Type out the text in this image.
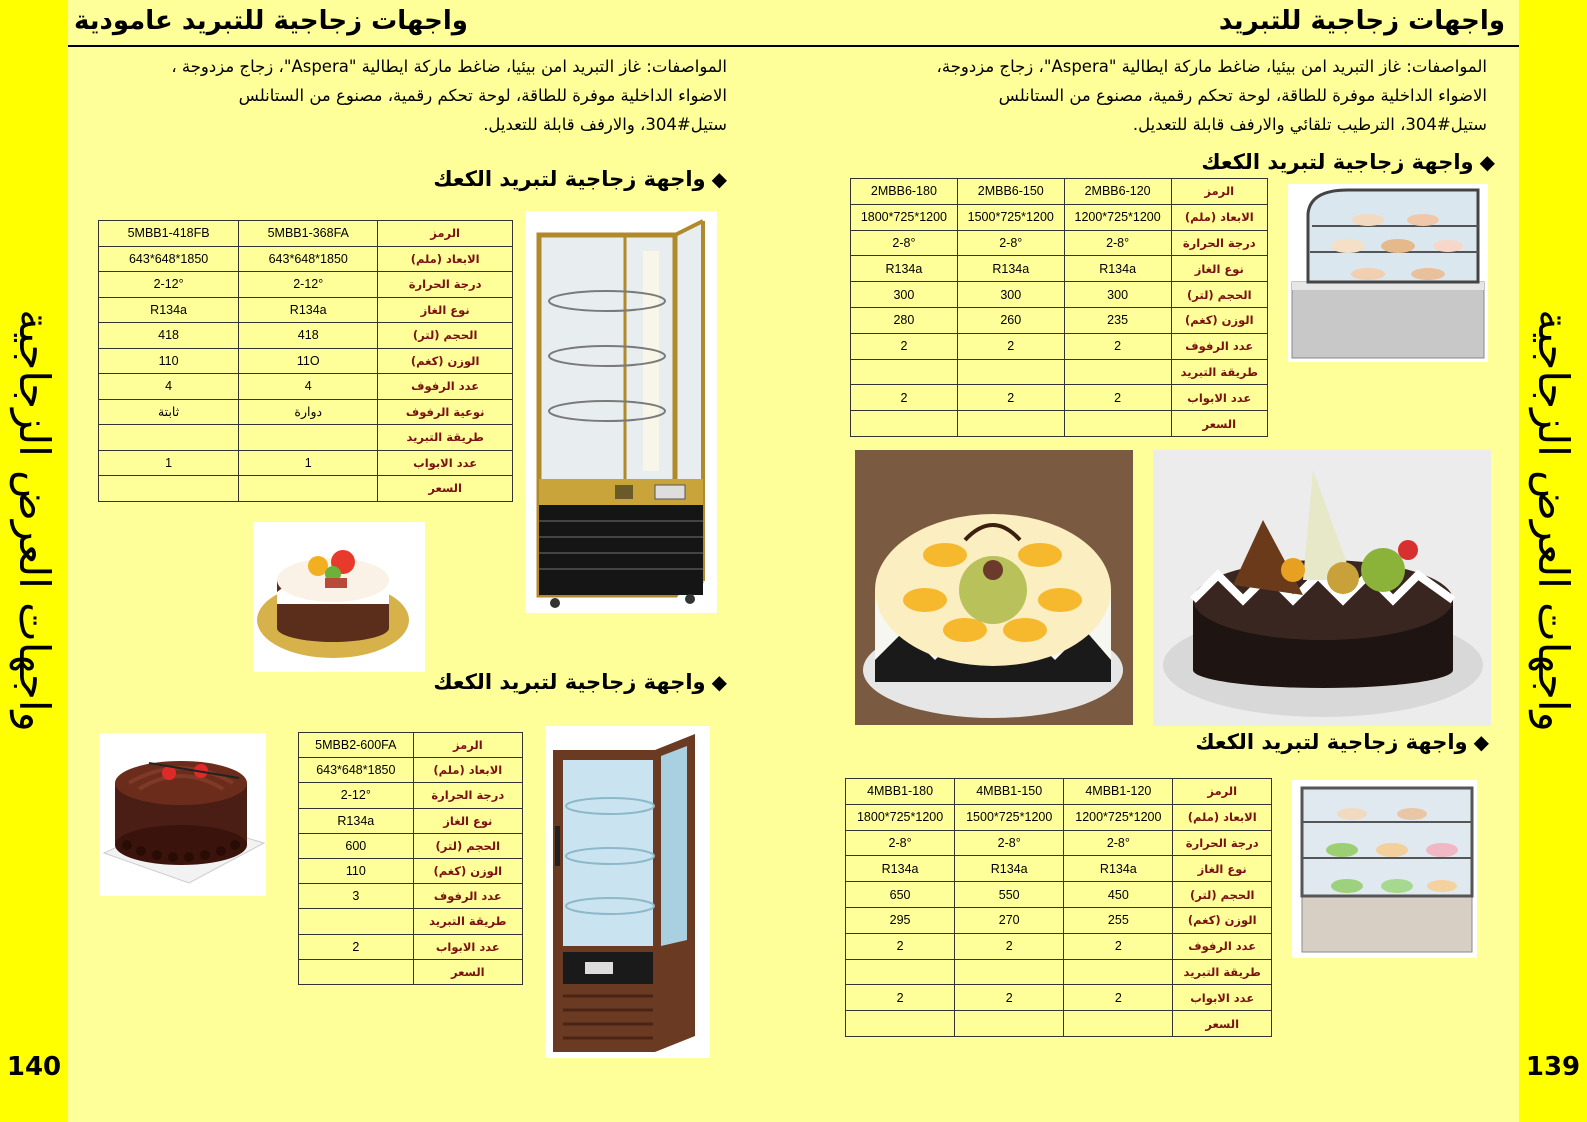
واجهات العرض الزجاجية
140
واجهات العرض الزجاجية
139
واجهات زجاجية للتبريد عامودية	واجهات زجاجية للتبريد
المواصفات: غاز التبريد امن بيئيا، ضاغط ماركة ايطالية "Aspera"، زجاج مزدوجة،
الاضواء الداخلية موفرة للطاقة، لوحة تحكم رقمية، مصنوع من الستانلس
ستيل#304، الترطيب تلقائي والارفف قابلة للتعديل.
المواصفات: غاز التبريد امن بيئيا، ضاغط ماركة ايطالية "Aspera"، زجاج مزدوجة ،
الاضواء الداخلية موفرة للطاقة، لوحة تحكم رقمية، مصنوع من الستانلس
ستيل#304، والارفف قابلة للتعديل.
◆واجهة زجاجية لتبريد الكعك
◆واجهة زجاجية لتبريد الكعك
◆واجهة زجاجية لتبريد الكعك
◆واجهة زجاجية لتبريد الكعك
2MBB6-180	2MBB6-150	2MBB6-120	الرمز
1800*725*1200	1500*725*1200	1200*725*1200	الابعاد (ملم)
2-8°	2-8°	2-8°	درجة الحرارة
R134a	R134a	R134a	نوع الغاز
300	300	300	الحجم (لتر)
280	260	235	الوزن (كغم)
2	2	2	عدد الرفوف
			طريقة التبريد
2	2	2	عدد الابواب
			السعر
4MBB1-180	4MBB1-150	4MBB1-120	الرمز
1800*725*1200	1500*725*1200	1200*725*1200	الابعاد (ملم)
2-8°	2-8°	2-8°	درجة الحرارة
R134a	R134a	R134a	نوع الغاز
650	550	450	الحجم (لتر)
295	270	255	الوزن (كغم)
2	2	2	عدد الرفوف
			طريقة التبريد
2	2	2	عدد الابواب
			السعر
5MBB1-418FB	5MBB1-368FA	الرمز
643*648*1850	643*648*1850	الابعاد (ملم)
2-12°	2-12°	درجة الحرارة
R134a	R134a	نوع الغاز
418	418	الحجم (لتر)
110	11O	الوزن (كغم)
4	4	عدد الرفوف
ثابتة	دوارة	نوعية الرفوف
		طريقة التبريد
1	1	عدد الابواب
		السعر
5MBB2-600FA	الرمز
643*648*1850	الابعاد (ملم)
2-12°	درجة الحرارة
R134a	نوع الغاز
600	الحجم (لتر)
110	الوزن (كغم)
3	عدد الرفوف
	طريقة التبريد
2	عدد الابواب
	السعر
